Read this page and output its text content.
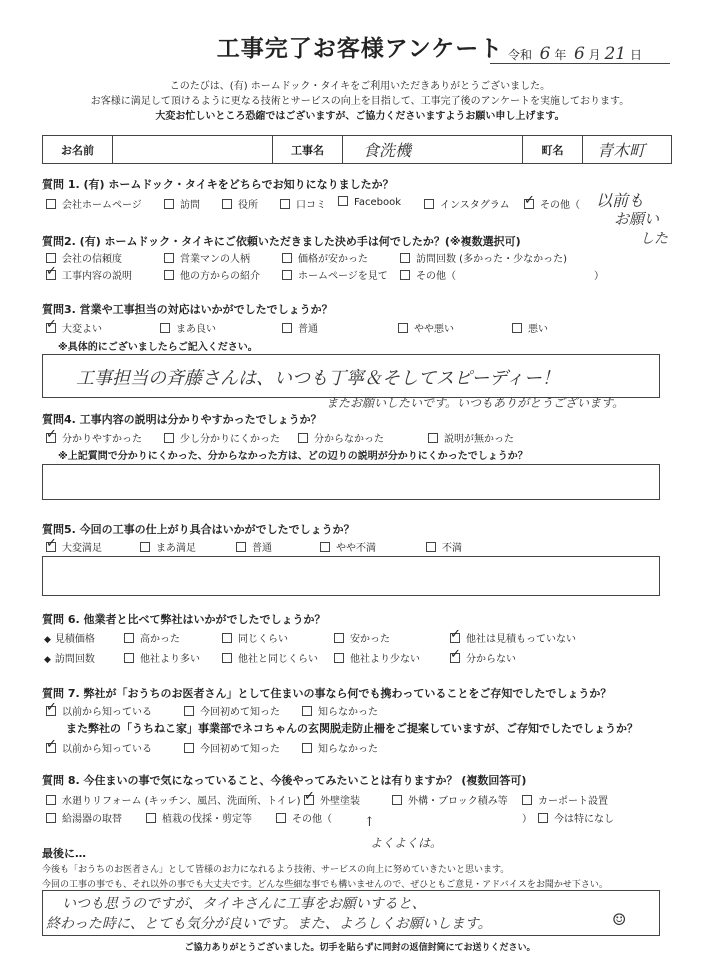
工事完了お客様アンケート 令和 6 年 6 月 21 日
このたびは、(有) ホームドック・タイキをご利用いただきありがとうございました。
お客様に満足して頂けるように更なる技術とサービスの向上を目指して、工事完了後のアンケートを実施しております。
大変お忙しいところ恐縮ではございますが、ご協力くださいますようお願い申し上げます。
お名前	工事名	食洗機	町名	青木町
質問 1. (有) ホームドック・タイキをどちらでお知りになりましたか？
会社ホームページ	訪問	役所	口コミ	Facebook	インスタグラム ✓	その他（ 以前も
お願い
した
質問2. (有) ホームドック・タイキにご依頼いただきました決め手は何でしたか？(※複数選択可)
会社の信頼度	営業マンの人柄	価格が安かった	訪問回数 (多かった・少なかった)
✓工事内容の説明	他の方からの紹介	ホームページを見て	その他（	）
質問3. 営業や工事担当の対応はいかがでしたでしょうか？
✓大変よい	まあ良い	普通	やや悪い	悪い
※具体的にございましたらご記入ください。
工事担当の斉藤さんは、いつも丁寧＆そしてスピーディー！
またお願いしたいです。いつもありがとうございます。
質問4. 工事内容の説明は分かりやすかったでしょうか？
✓分かりやすかった	少し分かりにくかった	分からなかった	説明が無かった
※上記質問で分かりにくかった、分からなかった方は、どの辺りの説明が分かりにくかったでしょうか？
質問5. 今回の工事の仕上がり具合はいかがでしたでしょうか？
✓大変満足	まあ満足	普通	やや不満	不満
質問 6. 他業者と比べて弊社はいかがでしたでしょうか？
◆ 見積価格	高かった	同じくらい	安かった ✓	他社は見積もっていない
◆ 訪問回数	他社より多い	他社と同じくらい	他社より少ない ✓	分からない
質問 7. 弊社が「おうちのお医者さん」として住まいの事なら何でも携わっていることをご存知でしたでしょうか？
✓以前から知っている	今回初めて知った	知らなかった
また弊社の「うちねこ家」事業部でネコちゃんの玄関脱走防止柵をご提案していますが、ご存知でしたでしょうか？
✓以前から知っている	今回初めて知った	知らなかった
質問 8. 今住まいの事で気になっていること、今後やってみたいことは有りますか？ (複数回答可)
水廻りリフォーム (キッチン、風呂、洗面所、トイレ) ✓	外壁塗装	外構・ブロック積み等	カーポート設置
給湯器の取替	植栽の伐採・剪定等	その他（	）	今は特になし
↑
よくよくは。
最後に…
今後も「おうちのお医者さん」として皆様のお力になれるよう技術、サービスの向上に努めていきたいと思います。
今回の工事の事でも、それ以外の事でも大丈夫です。どんな些細な事でも構いませんので、ぜひともご意見・アドバイスをお聞かせ下さい。
いつも思うのですが、タイキさんに工事をお願いすると、
終わった時に、とても気分が良いです。また、よろしくお願いします。	☺
ご協力ありがとうございました。切手を貼らずに同封の返信封筒にてお送りください。
